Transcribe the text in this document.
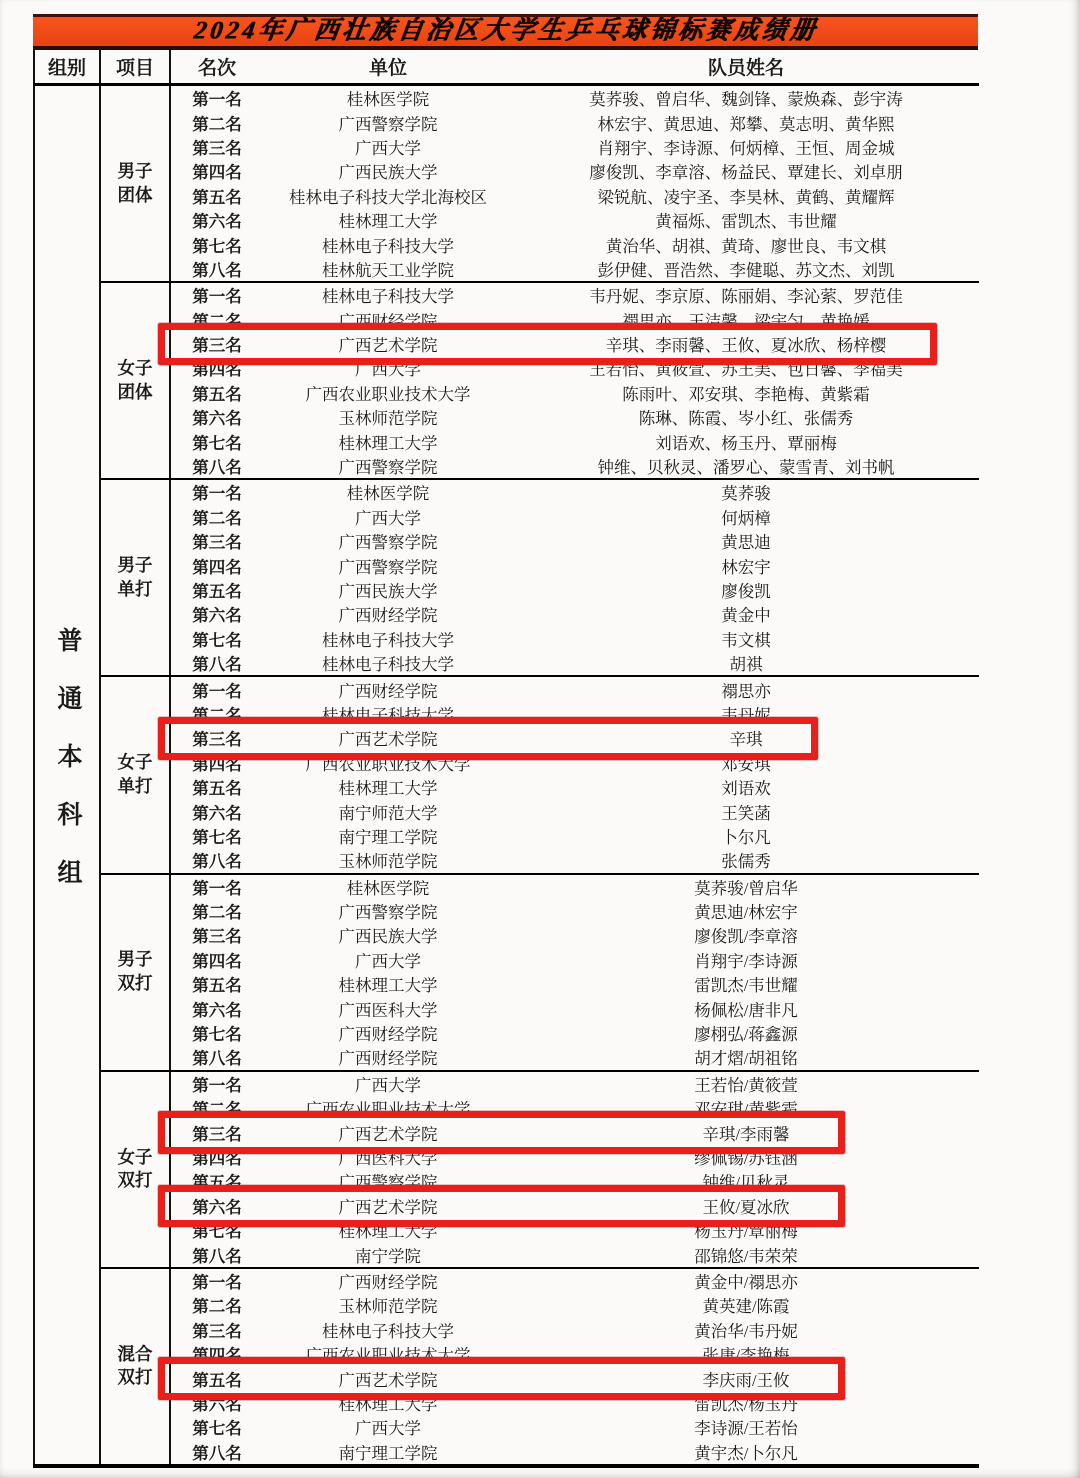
2024年广西壮族自治区大学生乒乓球锦标赛成绩册
组别	项目	名次	单位	队员姓名
普通本科组	男子团体	第一名	桂林医学院	莫荞骏、曾启华、魏剑锋、蒙焕森、彭宇涛
		第二名	广西警察学院	林宏宇、黄思迪、郑攀、莫志明、黄华熙
		第三名	广西大学	肖翔宇、李诗源、何炳樟、王恒、周金城
		第四名	广西民族大学	廖俊凯、李章溶、杨益民、覃建长、刘卓朋
		第五名	桂林电子科技大学北海校区	梁锐航、凌宇圣、李昊林、黄鹤、黄耀辉
		第六名	桂林理工大学	黄福烁、雷凯杰、韦世耀
		第七名	桂林电子科技大学	黄治华、胡祺、黄琦、廖世良、韦文棋
		第八名	桂林航天工业学院	彭伊健、晋浩然、李健聪、苏文杰、刘凯
	女子团体	第一名	桂林电子科技大学	韦丹妮、李京原、陈丽娟、李沁萦、罗范佳
		第二名	广西财经学院	禤思亦、王洁馨、梁宇匀、黄艳媛
		第三名	广西艺术学院	辛琪、李雨馨、王攸、夏冰欣、杨梓樱
		第四名	广西大学	王若怡、黄筱萱、苏王美、包日馨、李福美
		第五名	广西农业职业技术大学	陈雨叶、邓安琪、李艳梅、黄紫霜
		第六名	玉林师范学院	陈琳、陈霞、岑小红、张儒秀
		第七名	桂林理工大学	刘语欢、杨玉丹、覃丽梅
		第八名	广西警察学院	钟维、贝秋灵、潘罗心、蒙雪青、刘书帆
	男子单打	第一名	桂林医学院	莫荞骏
		第二名	广西大学	何炳樟
		第三名	广西警察学院	黄思迪
		第四名	广西警察学院	林宏宇
		第五名	广西民族大学	廖俊凯
		第六名	广西财经学院	黄金中
		第七名	桂林电子科技大学	韦文棋
		第八名	桂林电子科技大学	胡祺
	女子单打	第一名	广西财经学院	禤思亦
		第二名	桂林电子科技大学	韦丹妮
		第三名	广西艺术学院	辛琪
		第四名	广西农业职业技术大学	邓安琪
		第五名	桂林理工大学	刘语欢
		第六名	南宁师范大学	王笑菡
		第七名	南宁理工学院	卜尔凡
		第八名	玉林师范学院	张儒秀
	男子双打	第一名	桂林医学院	莫荞骏/曾启华
		第二名	广西警察学院	黄思迪/林宏宇
		第三名	广西民族大学	廖俊凯/李章溶
		第四名	广西大学	肖翔宇/李诗源
		第五名	桂林理工大学	雷凯杰/韦世耀
		第六名	广西医科大学	杨佩松/唐非凡
		第七名	广西财经学院	廖栩弘/蒋鑫源
		第八名	广西财经学院	胡才熠/胡祖铭
	女子双打	第一名	广西大学	王若怡/黄筱萱
		第二名	广西农业职业技术大学	邓安琪/黄紫霜
		第三名	广西艺术学院	辛琪/李雨馨
		第四名	广西医科大学	缪佩锡/苏钰涵
		第五名	广西警察学院	钟维/贝秋灵
		第六名	广西艺术学院	王攸/夏冰欣
		第七名	桂林理工大学	杨玉丹/覃丽梅
		第八名	南宁学院	邵锦悠/韦荣荣
	混合双打	第一名	广西财经学院	黄金中/禤思亦
		第二名	玉林师范学院	黄英建/陈霞
		第三名	桂林电子科技大学	黄治华/韦丹妮
		第四名	广西农业职业技术大学	张唐/李艳梅
		第五名	广西艺术学院	李庆雨/王攸
		第六名	桂林理工大学	雷凯杰/杨玉丹
		第七名	广西大学	李诗源/王若怡
		第八名	南宁理工学院	黄宇杰/卜尔凡
